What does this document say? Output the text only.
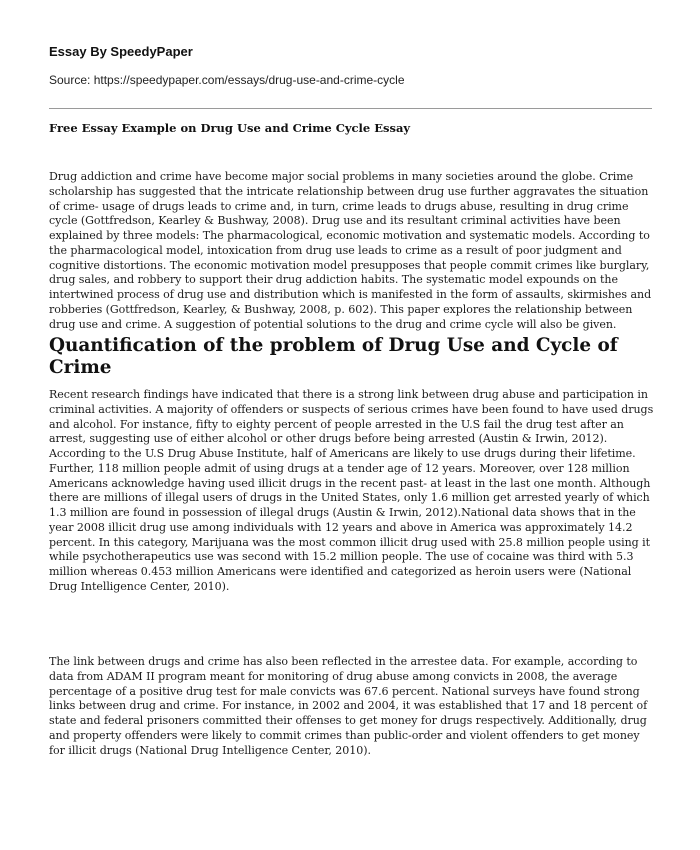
Essay By SpeedyPaper

Source: https://speedypaper.com/essays/drug-use-and-crime-cycle

Free Essay Example on Drug Use and Crime Cycle Essay

Drug addiction and crime have become major social problems in many societies around the globe. Crime scholarship has suggested that the intricate relationship between drug use further aggravates the situation of crime- usage of drugs leads to crime and, in turn, crime leads to drugs abuse, resulting in drug crime cycle (Gottfredson, Kearley & Bushway, 2008). Drug use and its resultant criminal activities have been explained by three models: The pharmacological, economic motivation and systematic models. According to the pharmacological model, intoxication from drug use leads to crime as a result of poor judgment and cognitive distortions. The economic motivation model presupposes that people commit crimes like burglary, drug sales, and robbery to support their drug addiction habits. The systematic model expounds on the intertwined process of drug use and distribution which is manifested in the form of assaults, skirmishes and robberies (Gottfredson, Kearley, & Bushway, 2008, p. 602). This paper explores the relationship between drug use and crime. A suggestion of potential solutions to the drug and crime cycle will also be given.

Quantification of the problem of Drug Use and Cycle of Crime

Recent research findings have indicated that there is a strong link between drug abuse and participation in criminal activities. A majority of offenders or suspects of serious crimes have been found to have used drugs and alcohol. For instance, fifty to eighty percent of people arrested in the U.S fail the drug test after an arrest, suggesting use of either alcohol or other drugs before being arrested (Austin & Irwin, 2012). According to the U.S Drug Abuse Institute, half of Americans are likely to use drugs during their lifetime. Further, 118 million people admit of using drugs at a tender age of 12 years. Moreover, over 128 million Americans acknowledge having used illicit drugs in the recent past- at least in the last one month. Although there are millions of illegal users of drugs in the United States, only 1.6 million get arrested yearly of which 1.3 million are found in possession of illegal drugs (Austin & Irwin, 2012).National data shows that in the year 2008 illicit drug use among individuals with 12 years and above in America was approximately 14.2 percent. In this category, Marijuana was the most common illicit drug used with 25.8 million people using it while psychotherapeutics use was second with 15.2 million people. The use of cocaine was third with 5.3 million whereas 0.453 million Americans were identified and categorized as heroin users were (National Drug Intelligence Center, 2010).

The link between drugs and crime has also been reflected in the arrestee data. For example, according to data from ADAM II program meant for monitoring of drug abuse among convicts in 2008, the average percentage of a positive drug test for male convicts was 67.6 percent. National surveys have found strong links between drug and crime. For instance, in 2002 and 2004, it was established that 17 and 18 percent of state and federal prisoners committed their offenses to get money for drugs respectively. Additionally, drug and property offenders were likely to commit crimes than public-order and violent offenders to get money for illicit drugs (National Drug Intelligence Center, 2010).
